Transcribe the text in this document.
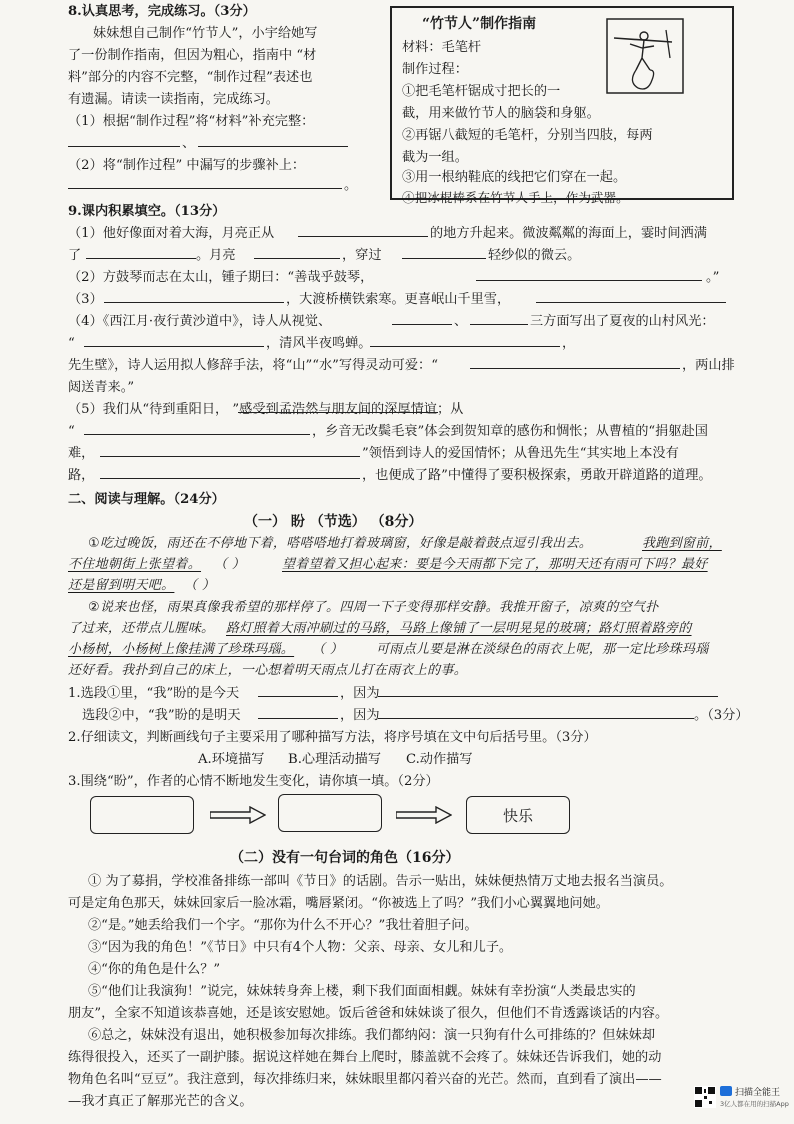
8.认真思考，完成练习。（3分）
妹妹想自己制作“竹节人”，小宇给她写
了一份制作指南，但因为粗心，指南中 “材
料”部分的内容不完整，“制作过程”表述也
有遗漏。请读一读指南，完成练习。
（1）根据“制作过程”将“材料”补充完整：
、
（2）将“制作过程” 中漏写的步骤补上：
。
“竹节人”制作指南
材料：毛笔杆
制作过程：
①把毛笔杆锯成寸把长的一
截，用来做竹节人的脑袋和身躯。
②再锯八截短的毛笔杆，分别当四肢，每两
截为一组。
③用一根纳鞋底的线把它们穿在一起。
④把冰棍棒系在竹节人手上，作为武器。
9.课内积累填空。（13分）
（1）他好像面对着大海，月亮正从	的地方升起来。微波粼粼的海面上，霎时间洒满
了	。月亮	，穿过	轻纱似的微云。
（2）方鼓琴而志在太山，锺子期曰：“善哉乎鼓琴，	。”
（3）	，大渡桥横铁索寒。更喜岷山千里雪，
（4）《西江月·夜行黄沙道中》，诗人从视觉、	、	三方面写出了夏夜的山村风光：
“	，清风半夜鸣蝉。	，
先生壁》，诗人运用拟人修辞手法，将“山”“水”写得灵动可爱：“	，两山排
闼送青来。”
（5）我们从“待到重阳日， ”感受到孟浩然与朋友间的深厚情谊；从
“	，乡音无改鬓毛衰”体会到贺知章的感伤和惆怅；从曹植的“捐躯赴国
难，	”领悟到诗人的爱国情怀；从鲁迅先生“其实地上本没有
路，	，也便成了路”中懂得了要积极探索，勇敢开辟道路的道理。
二、阅读与理解。（24分）
（一） 盼 （节选） （8分）
①吃过晚饭，雨还在不停地下着，嗒嗒嗒地打着玻璃窗，好像是敲着鼓点逗引我出去。	我跑到窗前，
不住地朝街上张望着。 （ ）	望着望着又担心起来：要是今天雨都下完了，那明天还有雨可下吗？最好
还是留到明天吧。 （ ）
②说来也怪，雨果真像我希望的那样停了。四周一下子变得那样安静。我推开窗子，凉爽的空气扑
了过来，还带点儿腥味。 路灯照着大雨冲刷过的马路，马路上像铺了一层明晃晃的玻璃；路灯照着路旁的
小杨树，小杨树上像挂满了珍珠玛瑙。 （ ）	可雨点儿要是淋在淡绿色的雨衣上呢，那一定比珍珠玛瑙
还好看。我扑到自己的床上，一心想着明天雨点儿打在雨衣上的事。
1.选段①里，“我”盼的是今天	，因为
选段②中，“我”盼的是明天	，因为	。（3分）
2.仔细读文，判断画线句子主要采用了哪种描写方法，将序号填在文中句后括号里。（3分）
A.环境描写 B.心理活动描写 C.动作描写
3.围绕“盼”，作者的心情不断地发生变化，请你填一填。（2分）
快乐
（二）没有一句台词的角色（16分）
① 为了募捐，学校准备排练一部叫《节日》的话剧。告示一贴出，妹妹便热情万丈地去报名当演员。
可是定角色那天，妹妹回家后一脸冰霜，嘴唇紧闭。“你被选上了吗？”我们小心翼翼地问她。
②“是。”她丢给我们一个字。“那你为什么不开心？”我壮着胆子问。
③“因为我的角色！”《节日》中只有4个人物：父亲、母亲、女儿和儿子。
④“你的角色是什么？”
⑤“他们让我演狗！”说完，妹妹转身奔上楼，剩下我们面面相觑。妹妹有幸扮演“人类最忠实的
朋友”，全家不知道该恭喜她，还是该安慰她。饭后爸爸和妹妹谈了很久，但他们不肯透露谈话的内容。
⑥总之，妹妹没有退出，她积极参加每次排练。我们都纳闷：演一只狗有什么可排练的？但妹妹却
练得很投入，还买了一副护膝。据说这样她在舞台上爬时，膝盖就不会疼了。妹妹还告诉我们，她的动
物角色名叫“豆豆”。我注意到，每次排练归来，妹妹眼里都闪着兴奋的光芒。然而，直到看了演出——
—我才真正了解那光芒的含义。
扫描全能王
3亿人都在用的扫描App
